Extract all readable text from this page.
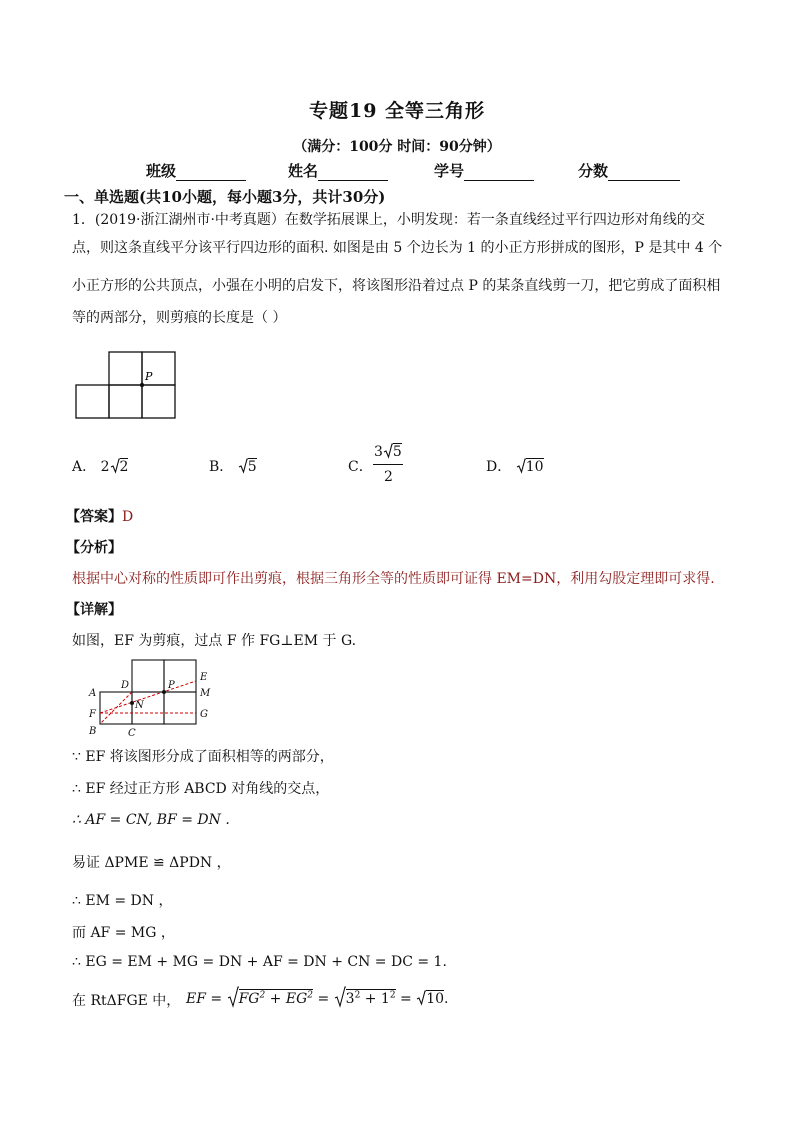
专题19 全等三角形
（满分：100分 时间：90分钟）
班级	姓名	学号	分数
一、单选题(共10小题，每小题3分，共计30分)
1．(2019·浙江湖州市·中考真题）在数学拓展课上，小明发现：若一条直线经过平行四边形对角线的交
点，则这条直线平分该平行四边形的面积. 如图是由 5 个边长为 1 的小正方形拼成的图形，P 是其中 4 个
小正方形的公共顶点，小强在小明的启发下，将该图形沿着过点 P 的某条直线剪一刀，把它剪成了面积相
等的两部分，则剪痕的长度是（ ）
P
A． 2 2	B． 5	C．
3 5
2
D． 10
【答案】D
【分析】
根据中心对称的性质即可作出剪痕，根据三角形全等的性质即可证得 EM=DN，利用勾股定理即可求得.
【详解】
如图，EF 为剪痕，过点 F 作 FG⊥EM 于 G.
A
B	C
D
E
F	G
M
N
P
∵ EF 将该图形分成了面积相等的两部分，
∴ EF 经过正方形 ABCD 对角线的交点，
∴ AF = CN, BF = DN .
易证 ΔPME ≌ ΔPDN ，
∴ EM = DN ，
而 AF = MG ，
∴ EG = EM + MG = DN + AF = DN + CN = DC = 1.
在 RtΔFGE 中， EF = $FG^2 + EG^2 = 3^2 + 1^2 = 10$.
